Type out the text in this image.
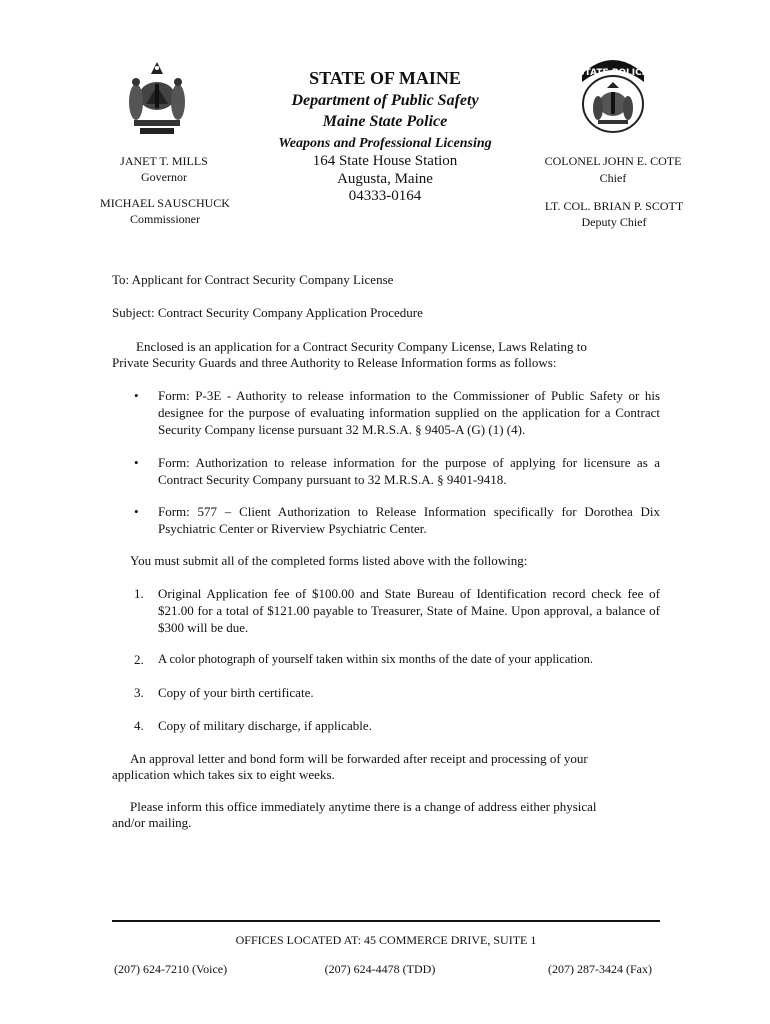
STATE POLICE
STATE OF MAINE
Department of Public Safety
Maine State Police
Weapons and Professional Licensing
164 State House Station
Augusta, Maine
04333-0164
JANET T. MILLS
Governor
MICHAEL SAUSCHUCK
Commissioner
COLONEL JOHN E. COTE
Chief
LT. COL. BRIAN P. SCOTT
Deputy Chief
To: Applicant for Contract Security Company License
Subject: Contract Security Company Application Procedure
Enclosed is an application for a Contract Security Company License, Laws Relating to
Private Security Guards and three Authority to Release Information forms as follows:
• Form: P-3E - Authority to release information to the Commissioner of Public Safety or his designee for the purpose of evaluating information supplied on the application for a Contract Security Company license pursuant 32 M.R.S.A. § 9405-A (G) (1) (4).
• Form: Authorization to release information for the purpose of applying for licensure as a Contract Security Company pursuant to 32 M.R.S.A. § 9401-9418.
• Form: 577 – Client Authorization to Release Information specifically for Dorothea Dix Psychiatric Center or Riverview Psychiatric Center.
You must submit all of the completed forms listed above with the following:
1. Original Application fee of $100.00 and State Bureau of Identification record check fee of $21.00 for a total of $121.00 payable to Treasurer, State of Maine. Upon approval, a balance of $300 will be due.
2. A color photograph of yourself taken within six months of the date of your application.
3. Copy of your birth certificate.
4. Copy of military discharge, if applicable.
An approval letter and bond form will be forwarded after receipt and processing of your
application which takes six to eight weeks.
Please inform this office immediately anytime there is a change of address either physical
and/or mailing.
OFFICES LOCATED AT: 45 COMMERCE DRIVE, SUITE 1
(207) 624-7210 (Voice)	(207) 624-4478 (TDD)	(207) 287-3424 (Fax)
